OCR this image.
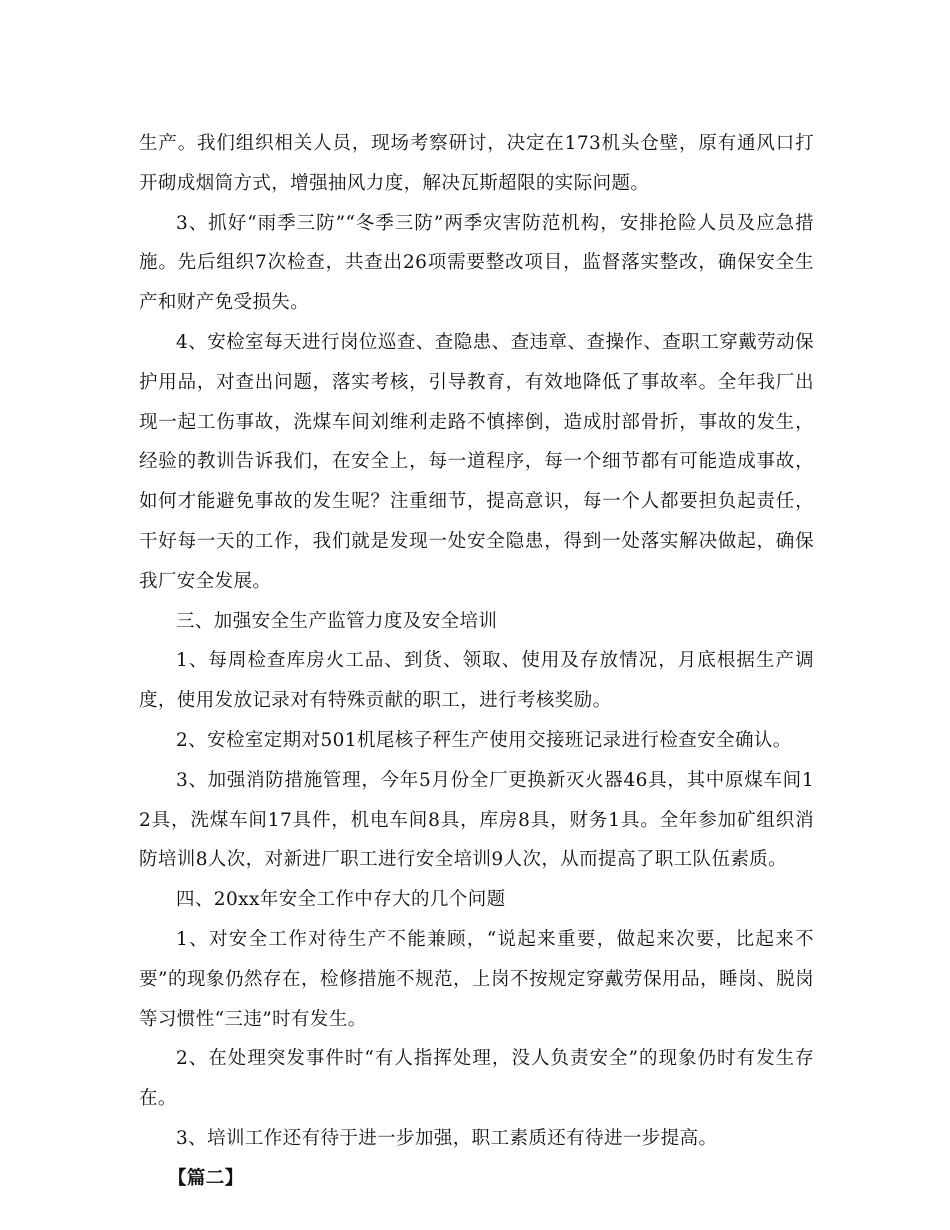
生产。我们组织相关人员，现场考察研讨，决定在173机头仓壁，原有通风口打开砌成烟筒方式，增强抽风力度，解决瓦斯超限的实际问题。

3、抓好“雨季三防”“冬季三防”两季灾害防范机构，安排抢险人员及应急措施。先后组织7次检查，共查出26项需要整改项目，监督落实整改，确保安全生产和财产免受损失。

4、安检室每天进行岗位巡查、查隐患、查违章、查操作、查职工穿戴劳动保护用品，对查出问题，落实考核，引导教育，有效地降低了事故率。全年我厂出现一起工伤事故，洗煤车间刘维利走路不慎摔倒，造成肘部骨折，事故的发生，经验的教训告诉我们，在安全上，每一道程序，每一个细节都有可能造成事故，如何才能避免事故的发生呢？注重细节，提高意识，每一个人都要担负起责任，干好每一天的工作，我们就是发现一处安全隐患，得到一处落实解决做起，确保我厂安全发展。

三、加强安全生产监管力度及安全培训

1、每周检查库房火工品、到货、领取、使用及存放情况，月底根据生产调度，使用发放记录对有特殊贡献的职工，进行考核奖励。

2、安检室定期对501机尾核子秤生产使用交接班记录进行检查安全确认。

3、加强消防措施管理，今年5月份全厂更换新灭火器46具，其中原煤车间12具，洗煤车间17具件，机电车间8具，库房8具，财务1具。全年参加矿组织消防培训8人次，对新进厂职工进行安全培训9人次，从而提高了职工队伍素质。

四、20xx年安全工作中存大的几个问题

1、对安全工作对待生产不能兼顾，“说起来重要，做起来次要，比起来不要”的现象仍然存在，检修措施不规范，上岗不按规定穿戴劳保用品，睡岗、脱岗等习惯性“三违”时有发生。

2、在处理突发事件时“有人指挥处理，没人负责安全”的现象仍时有发生存在。

3、培训工作还有待于进一步加强，职工素质还有待进一步提高。

【篇二】
